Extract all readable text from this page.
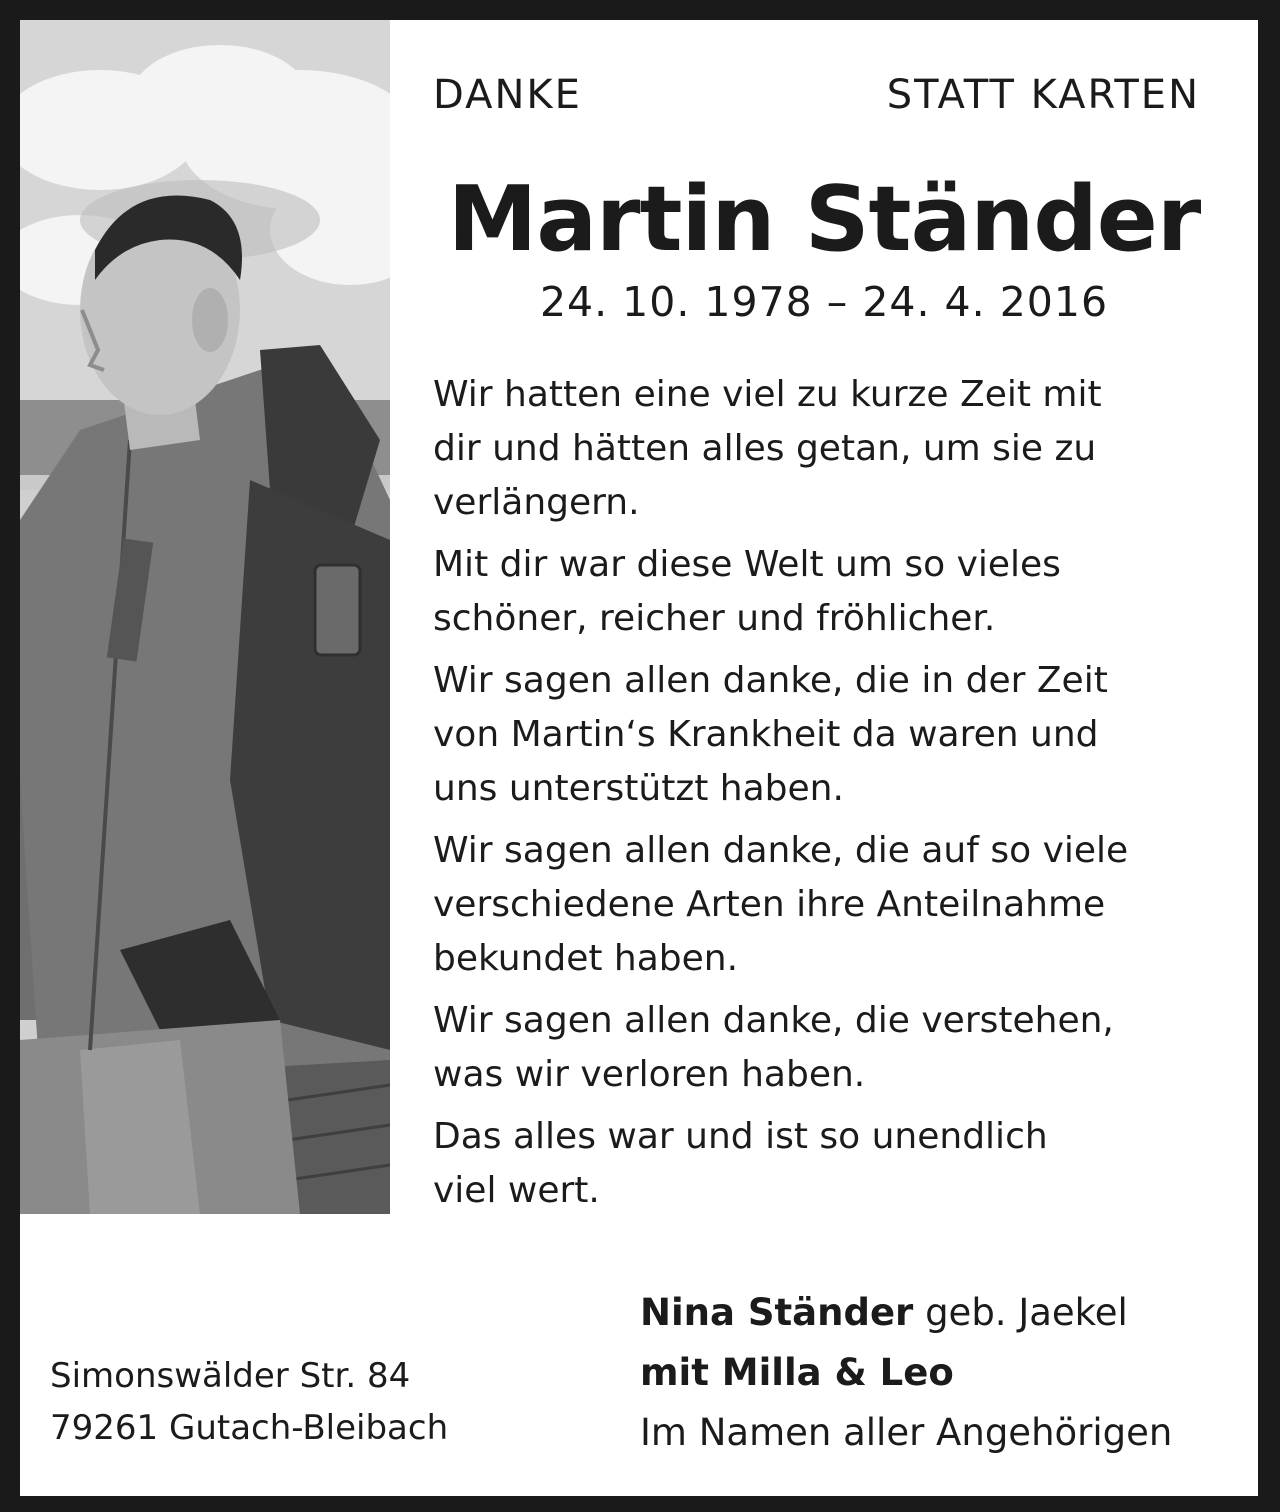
DANKE	STATT KARTEN
Martin Ständer
24. 10. 1978 – 24. 4. 2016

Wir hatten eine viel zu kurze Zeit mit
dir und hätten alles getan, um sie zu
verlängern.

Mit dir war diese Welt um so vieles
schöner, reicher und fröhlicher.

Wir sagen allen danke, die in der Zeit
von Martin‘s Krankheit da waren und
uns unterstützt haben.

Wir sagen allen danke, die auf so viele
verschiedene Arten ihre Anteilnahme
bekundet haben.

Wir sagen allen danke, die verstehen,
was wir verloren haben.

Das alles war und ist so unendlich
viel wert.

Simonswälder Str. 84
79261 Gutach-Bleibach
Nina Ständer geb. Jaekel
mit Milla & Leo
Im Namen aller Angehörigen
